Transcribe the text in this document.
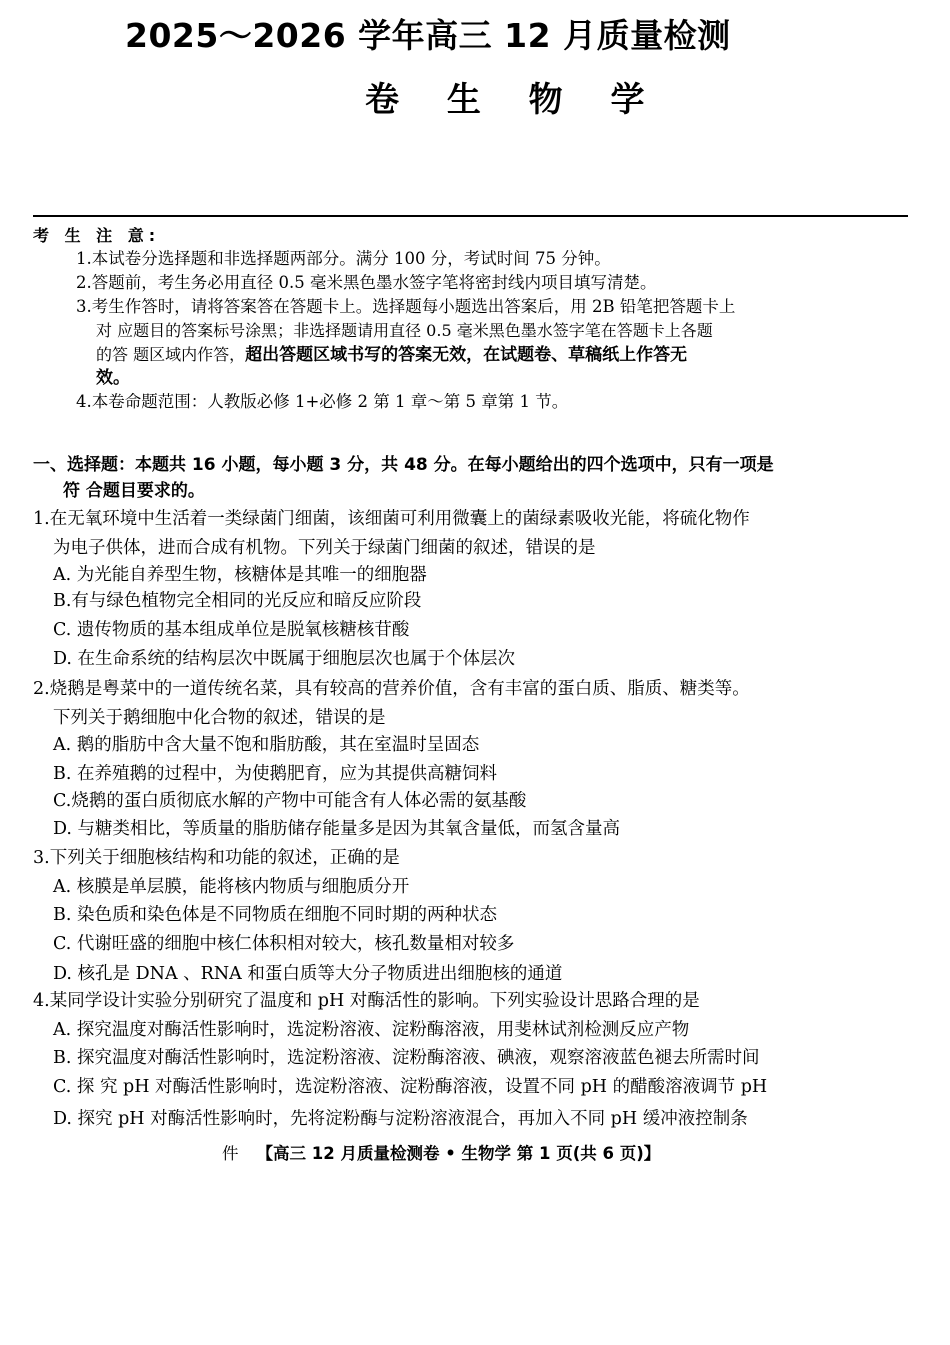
2025～2026 学年高三 12 月质量检测
卷 生 物 学
考 生 注 意:
1.本试卷分选择题和非选择题两部分。满分 100 分，考试时间 75 分钟。
2.答题前，考生务必用直径 0.5 毫米黑色墨水签字笔将密封线内项目填写清楚。
3.考生作答时，请将答案答在答题卡上。选择题每小题选出答案后，用 2B 铅笔把答题卡上
对 应题目的答案标号涂黑；非选择题请用直径 0.5 毫米黑色墨水签字笔在答题卡上各题
的答 题区域内作答，超出答题区域书写的答案无效，在试题卷、草稿纸上作答无
效。
4.本卷命题范围：人教版必修 1+必修 2 第 1 章～第 5 章第 1 节。
一、选择题：本题共 16 小题，每小题 3 分，共 48 分。在每小题给出的四个选项中，只有一项是
符 合题目要求的。
1.在无氧环境中生活着一类绿菌门细菌，该细菌可利用微囊上的菌绿素吸收光能，将硫化物作
为电子供体，进而合成有机物。下列关于绿菌门细菌的叙述，错误的是
A. 为光能自养型生物，核糖体是其唯一的细胞器
B.有与绿色植物完全相同的光反应和暗反应阶段
C. 遗传物质的基本组成单位是脱氧核糖核苷酸
D. 在生命系统的结构层次中既属于细胞层次也属于个体层次
2.烧鹅是粤菜中的一道传统名菜，具有较高的营养价值，含有丰富的蛋白质、脂质、糖类等。
下列关于鹅细胞中化合物的叙述，错误的是
A. 鹅的脂肪中含大量不饱和脂肪酸，其在室温时呈固态
B. 在养殖鹅的过程中，为使鹅肥育，应为其提供高糖饲料
C.烧鹅的蛋白质彻底水解的产物中可能含有人体必需的氨基酸
D. 与糖类相比，等质量的脂肪储存能量多是因为其氧含量低，而氢含量高
3.下列关于细胞核结构和功能的叙述，正确的是
A. 核膜是单层膜，能将核内物质与细胞质分开
B. 染色质和染色体是不同物质在细胞不同时期的两种状态
C. 代谢旺盛的细胞中核仁体积相对较大，核孔数量相对较多
D. 核孔是 DNA 、RNA 和蛋白质等大分子物质进出细胞核的通道
4.某同学设计实验分别研究了温度和 pH 对酶活性的影响。下列实验设计思路合理的是
A. 探究温度对酶活性影响时，选淀粉溶液、淀粉酶溶液，用斐林试剂检测反应产物
B. 探究温度对酶活性影响时，选淀粉溶液、淀粉酶溶液、碘液，观察溶液蓝色褪去所需时间
C. 探 究 pH 对酶活性影响时，选淀粉溶液、淀粉酶溶液，设置不同 pH 的醋酸溶液调节 pH
D. 探究 pH 对酶活性影响时，先将淀粉酶与淀粉溶液混合，再加入不同 pH 缓冲液控制条
件 【高三 12 月质量检测卷 • 生物学 第 1 页(共 6 页)】
